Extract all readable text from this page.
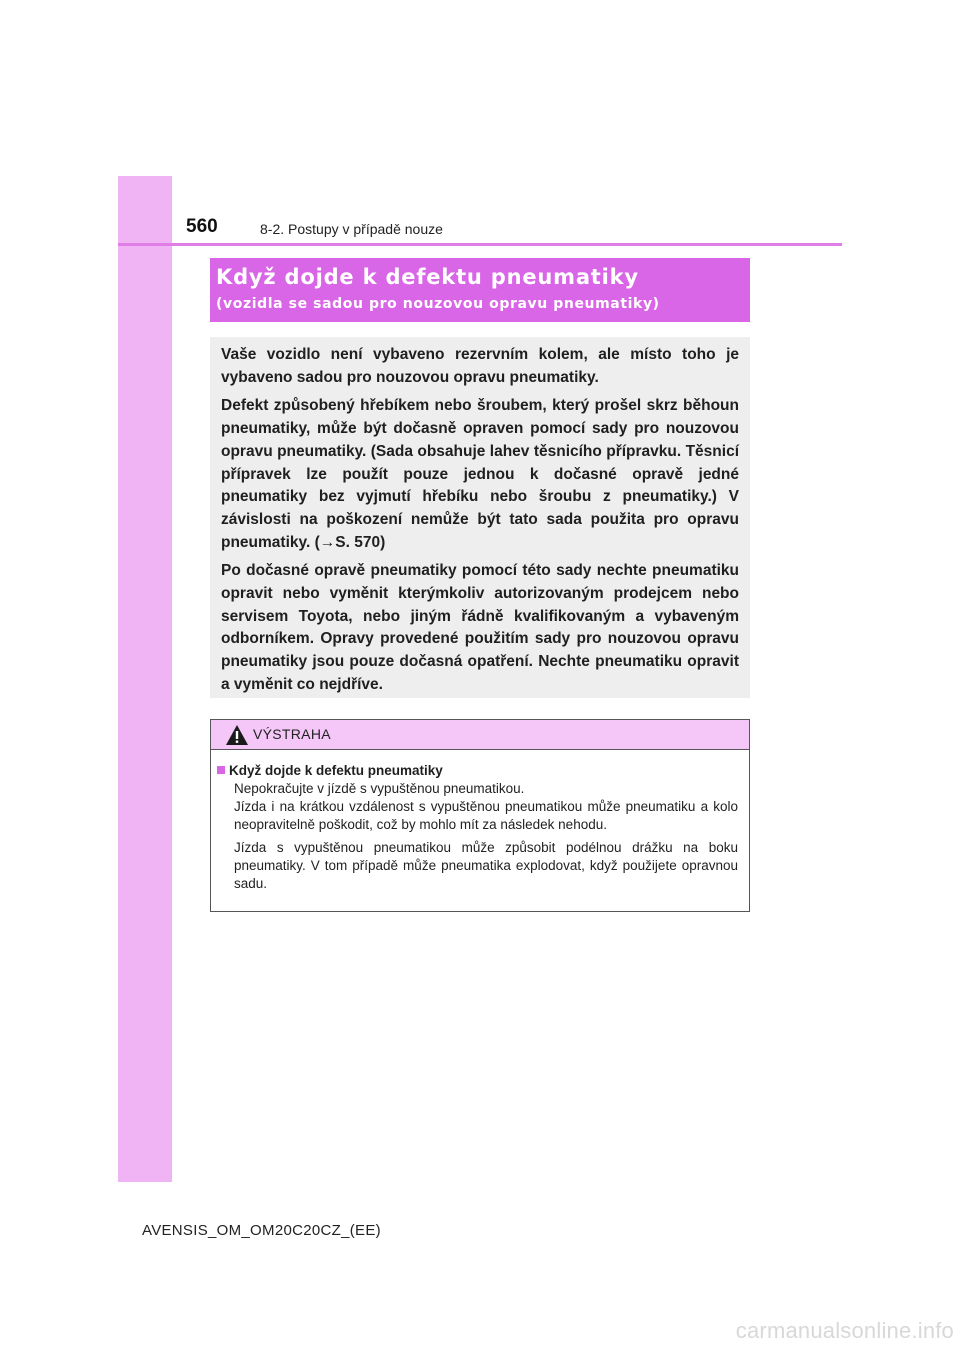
560	8-2. Postupy v případě nouze
Když dojde k defektu pneumatiky
(vozidla se sadou pro nouzovou opravu pneumatiky)

Vaše vozidlo není vybaveno rezervním kolem, ale místo toho je vybaveno sadou pro nouzovou opravu pneumatiky.

Defekt způsobený hřebíkem nebo šroubem, který prošel skrz běhoun pneumatiky, může být dočasně opraven pomocí sady pro nouzovou opravu pneumatiky. (Sada obsahuje lahev těsnicího přípravku. Těsnicí přípravek lze použít pouze jednou k dočasné opravě jedné pneumatiky bez vyjmutí hřebíku nebo šroubu z pneumatiky.) V závislosti na poškození nemůže být tato sada použita pro opravu pneumatiky. (→S. 570)

Po dočasné opravě pneumatiky pomocí této sady nechte pneumatiku opravit nebo vyměnit kterýmkoliv autorizovaným prodejcem nebo servisem Toyota, nebo jiným řádně kvalifikovaným a vybaveným odborníkem. Opravy provedené použitím sady pro nouzovou opravu pneumatiky jsou pouze dočasná opatření. Nechte pneumatiku opravit a vyměnit co nejdříve.

VÝSTRAHA
Když dojde k defektu pneumatiky

Nepokračujte v jízdě s vypuštěnou pneumatikou.
Jízda i na krátkou vzdálenost s vypuštěnou pneumatikou může pneumatiku a kolo neopravitelně poškodit, což by mohlo mít za následek nehodu.

Jízda s vypuštěnou pneumatikou může způsobit podélnou drážku na boku pneumatiky. V tom případě může pneumatika explodovat, když použijete opravnou sadu.

AVENSIS_OM_OM20C20CZ_(EE)
carmanualsonline.info
